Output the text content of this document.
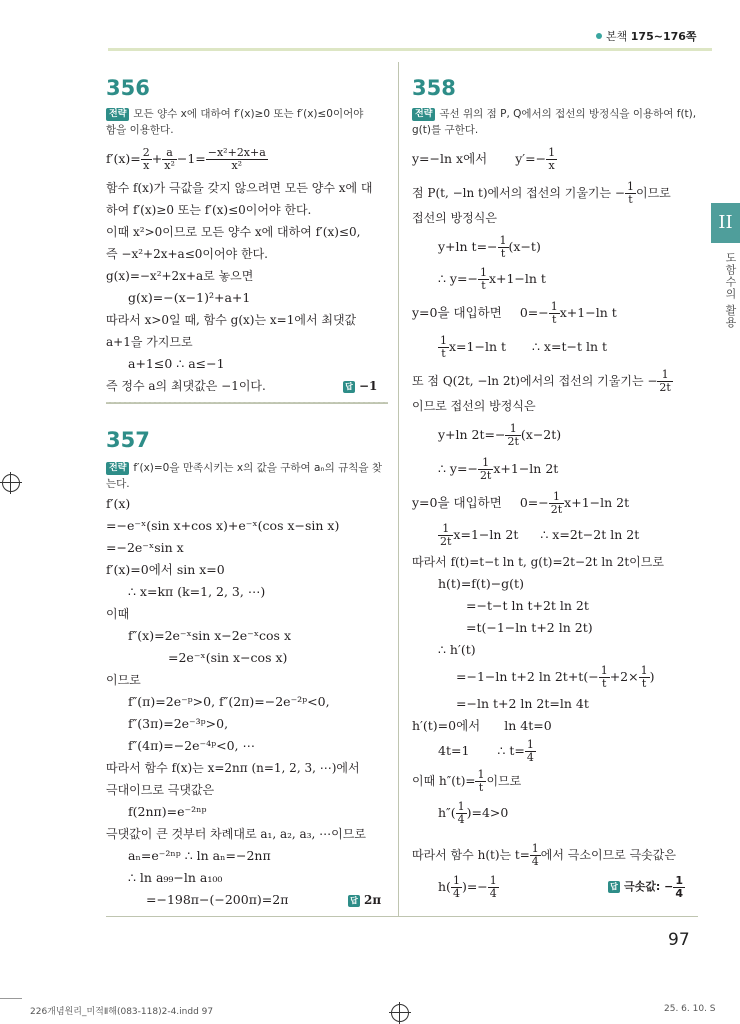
본책 175∼176쪽
II
도함수의 활용
356
전략 모든 양수 x에 대하여 f′(x)≥0 또는 f′(x)≤0이어야
함을 이용한다.
$f'(x)= \frac{2}{x} + \frac{a}{\text{x²}} -1= \frac{\text{−x²+2x+a}}{\text{x²}}$
함수 f(x)가 극값을 갖지 않으려면 모든 양수 x에 대
하여 f′(x)≥0 또는 f′(x)≤0이어야 한다.
이때 x²>0이므로 모든 양수 x에 대하여 f′(x)≤0,
즉 −x²+2x+a≤0이어야 한다.
g(x)=−x²+2x+a로 놓으면
g(x)=−(x−1)²+a+1
따라서 x>0일 때, 함수 g(x)는 x=1에서 최댓값
a+1을 가지므로
a+1≤0 ∴ a≤−1
즉 정수 a의 최댓값은 −1이다.	답 −1
357
전략 f′(x)=0을 만족시키는 x의 값을 구하여 aₙ의 규칙을 찾
는다.
f′(x)
=−e⁻ˣ(sin x+cos x)+e⁻ˣ(cos x−sin x)
=−2e⁻ˣsin x
f′(x)=0에서 sin x=0
∴ x=kπ (k=1, 2, 3, ⋯)
이때
f″(x)=2e⁻ˣsin x−2e⁻ˣcos x
=2e⁻ˣ(sin x−cos x)
이므로
f″(π)=2e⁻ᵖ>0, f″(2π)=−2e⁻²ᵖ<0,
f″(3π)=2e⁻³ᵖ>0,
f″(4π)=−2e⁻⁴ᵖ<0, ⋯
따라서 함수 f(x)는 x=2nπ (n=1, 2, 3, ⋯)에서
극대이므로 극댓값은
f(2nπ)=e⁻²ⁿᵖ
극댓값이 큰 것부터 차례대로 a₁, a₂, a₃, ⋯이므로
aₙ=e⁻²ⁿᵖ ∴ ln aₙ=−2nπ
∴ ln a₉₉−ln a₁₀₀
=−198π−(−200π)=2π	답 2π
358
전략 곡선 위의 점 P, Q에서의 접선의 방정식을 이용하여 f(t),
g(t)를 구한다.
y=−ln x에서 $y'=- \frac{1}{x}$
점 P(t, −ln t)에서의 접선의 기울기는 − $\frac{1}{t}$ 이므로
접선의 방정식은
y+ln $t=- \frac{1}{t} (x-t)$
∴ $y=- \frac{1}{t} x+1-\ln$ t
y=0을 대입하면 $0=- \frac{1}{t} x+1-\ln$ t
$\frac{1}{t} x=1-\ln$ t ∴ x=t−t ln t
또 점 Q(2t, −ln 2t)에서의 접선의 기울기는 − $\frac{1}{2t}$
이므로 접선의 방정식은
y+ln $2t=- \frac{1}{2t} (x-2t)$
∴ $y=- \frac{1}{2t} x+1-\ln$ 2t
y=0을 대입하면 $0=- \frac{1}{2t} x+1-\ln$ 2t
$\frac{1}{2t} x=1-\ln$ 2t ∴ x=2t−2t ln 2t
따라서 f(t)=t−t ln t, g(t)=2t−2t ln 2t이므로
h(t)=f(t)−g(t)
=−t−t ln t+2t ln 2t
=t(−1−ln t+2 ln 2t)
∴ h′(t)
=−1−ln t+2 $\ln 2t+t(- \frac{1}{t} +2\times \frac{1}{t}$ )
=−ln t+2 ln 2t=ln 4t
h′(t)=0에서 ln 4t=0
4t=1 ∴ $t= \frac{1}{4}$
이때 $h''(t)= \frac{1}{t}$ 이므로
$h''( \frac{1}{4} )=4>0$
따라서 함수 h(t)는 $t= \frac{1}{4}$ 에서 극소이므로 극솟값은
$h( \frac{1}{4}$ )=− $\frac{1}{4}$	답 극솟값: − $\frac{1}{4}$
97
226개념원리_미적Ⅱ해(083-118)2-4.indd 97	25. 6. 10. S
